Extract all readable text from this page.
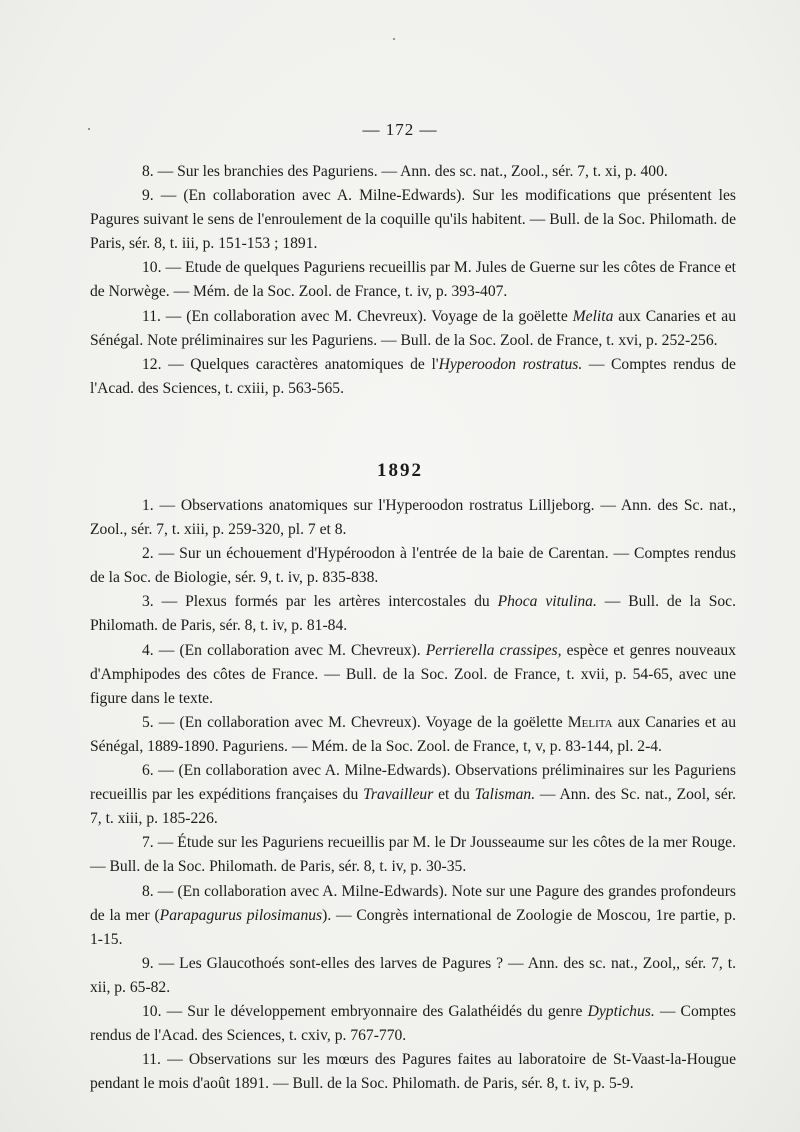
— 172 —

8. — Sur les branchies des Paguriens. — Ann. des sc. nat., Zool., sér. 7, t. xi, p. 400.

9. — (En collaboration avec A. Milne-Edwards). Sur les modifications que présentent les Pagures suivant le sens de l'enroulement de la coquille qu'ils habitent. — Bull. de la Soc. Philomath. de Paris, sér. 8, t. iii, p. 151-153 ; 1891.

10. — Etude de quelques Paguriens recueillis par M. Jules de Guerne sur les côtes de France et de Norwège. — Mém. de la Soc. Zool. de France, t. iv, p. 393-407.

11. — (En collaboration avec M. Chevreux). Voyage de la goëlette Melita aux Canaries et au Sénégal. Note préliminaires sur les Paguriens. — Bull. de la Soc. Zool. de France, t. xvi, p. 252-256.

12. — Quelques caractères anatomiques de l'Hyperoodon rostratus. — Comptes rendus de l'Acad. des Sciences, t. cxiii, p. 563-565.

1892

1. — Observations anatomiques sur l'Hyperoodon rostratus Lilljeborg. — Ann. des Sc. nat., Zool., sér. 7, t. xiii, p. 259-320, pl. 7 et 8.

2. — Sur un échouement d'Hypéroodon à l'entrée de la baie de Carentan. — Comptes rendus de la Soc. de Biologie, sér. 9, t. iv, p. 835-838.

3. — Plexus formés par les artères intercostales du Phoca vitulina. — Bull. de la Soc. Philomath. de Paris, sér. 8, t. iv, p. 81-84.

4. — (En collaboration avec M. Chevreux). Perrierella crassipes, espèce et genres nouveaux d'Amphipodes des côtes de France. — Bull. de la Soc. Zool. de France, t. xvii, p. 54-65, avec une figure dans le texte.

5. — (En collaboration avec M. Chevreux). Voyage de la goëlette Melita aux Canaries et au Sénégal, 1889-1890. Paguriens. — Mém. de la Soc. Zool. de France, t, v, p. 83-144, pl. 2-4.

6. — (En collaboration avec A. Milne-Edwards). Observations préliminaires sur les Paguriens recueillis par les expéditions françaises du Travailleur et du Talisman. — Ann. des Sc. nat., Zool, sér. 7, t. xiii, p. 185-226.

7. — Étude sur les Paguriens recueillis par M. le Dr Jousseaume sur les côtes de la mer Rouge. — Bull. de la Soc. Philomath. de Paris, sér. 8, t. iv, p. 30-35.

8. — (En collaboration avec A. Milne-Edwards). Note sur une Pagure des grandes profondeurs de la mer (Parapagurus pilosimanus). — Congrès international de Zoologie de Moscou, 1re partie, p. 1-15.

9. — Les Glaucothoés sont-elles des larves de Pagures ? — Ann. des sc. nat., Zool,, sér. 7, t. xii, p. 65-82.

10. — Sur le développement embryonnaire des Galathéidés du genre Dyptichus. — Comptes rendus de l'Acad. des Sciences, t. cxiv, p. 767-770.

11. — Observations sur les mœurs des Pagures faites au laboratoire de St-Vaast-la-Hougue pendant le mois d'août 1891. — Bull. de la Soc. Philomath. de Paris, sér. 8, t. iv, p. 5-9.
